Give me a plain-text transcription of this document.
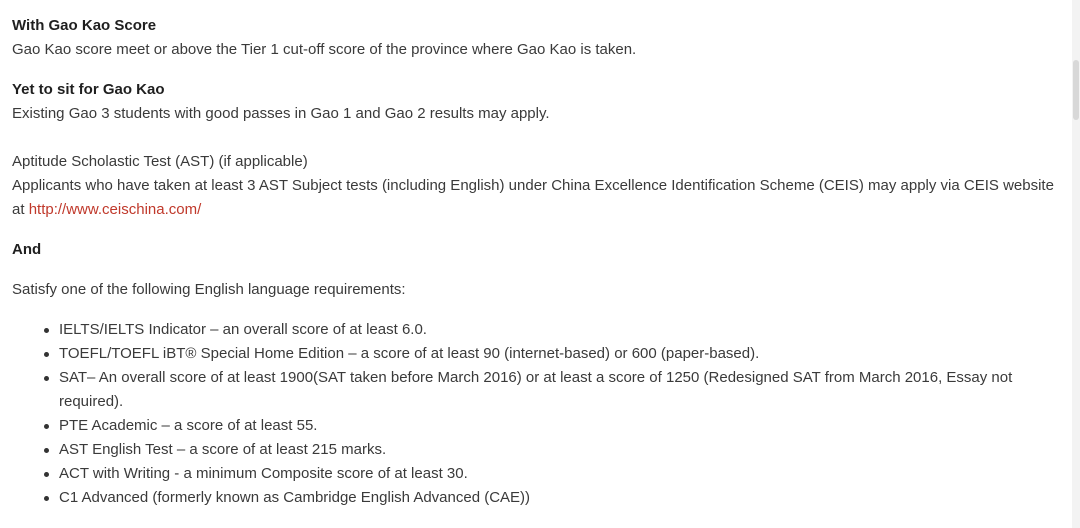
With Gao Kao Score

Gao Kao score meet or above the Tier 1 cut-off score of the province where Gao Kao is taken.

Yet to sit for Gao Kao

Existing Gao 3 students with good passes in Gao 1 and Gao 2 results may apply.

Aptitude Scholastic Test (AST) (if applicable)

Applicants who have taken at least 3 AST Subject tests (including English) under China Excellence Identification Scheme (CEIS) may apply via CEIS website

at http://www.ceischina.com/

And

Satisfy one of the following English language requirements:

IELTS/IELTS Indicator – an overall score of at least 6.0.
TOEFL/TOEFL iBT® Special Home Edition – a score of at least 90 (internet-based) or 600 (paper-based).
SAT– An overall score of at least 1900(SAT taken before March 2016) or at least a score of 1250 (Redesigned SAT from March 2016, Essay not required).
PTE Academic – a score of at least 55.
AST English Test – a score of at least 215 marks.
ACT with Writing - a minimum Composite score of at least 30.
C1 Advanced (formerly known as Cambridge English Advanced (CAE))
